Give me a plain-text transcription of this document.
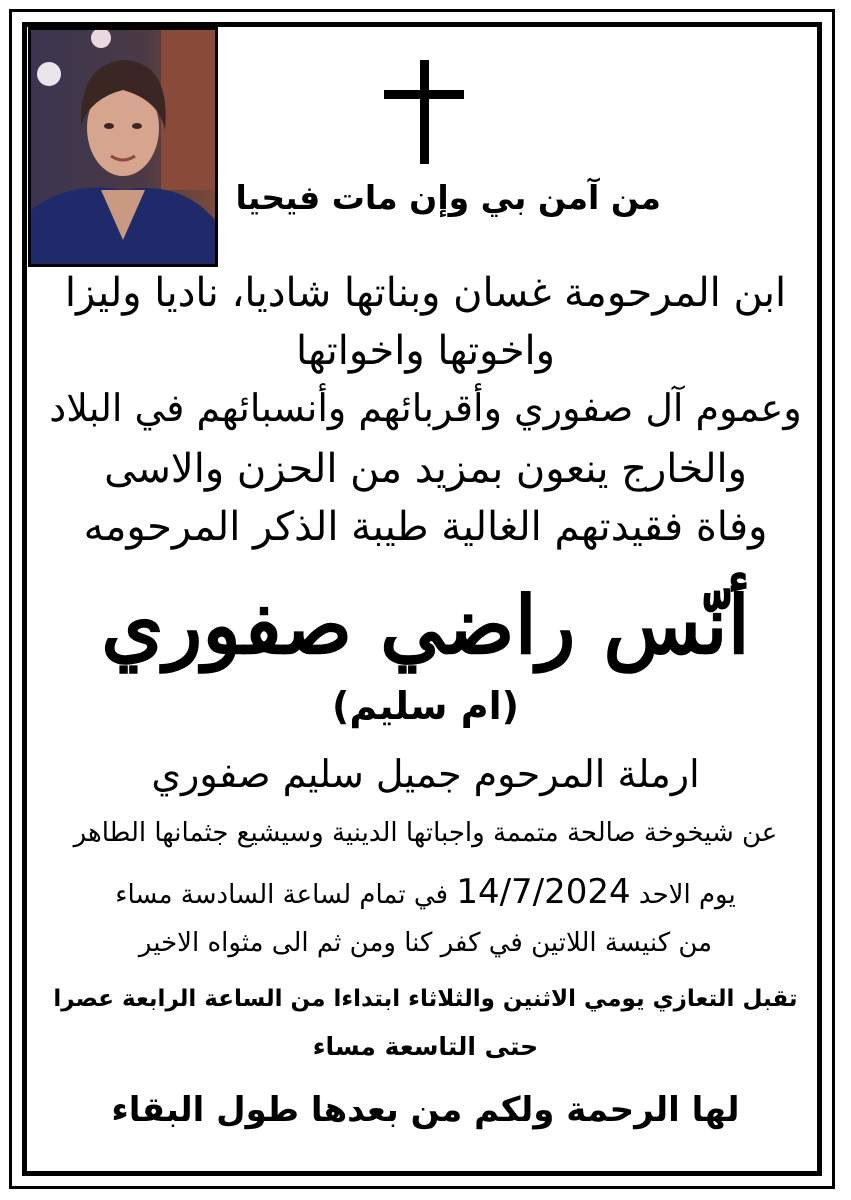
من آمن بي وإن مات فيحيا
ابن المرحومة غسان وبناتها شاديا، ناديا وليزا
واخوتها واخواتها
وعموم آل صفوري وأقربائهم وأنسبائهم في البلاد
والخارج ينعون بمزيد من الحزن والاسى
وفاة فقيدتهم الغالية طيبة الذكر المرحومه
أنّس راضي صفوري
(ام سليم)
ارملة المرحوم جميل سليم صفوري
عن شيخوخة صالحة متممة واجباتها الدينية وسيشيع جثمانها الطاهر
يوم الاحد 14/7/2024 في تمام لساعة السادسة مساء
من كنيسة اللاتين في كفر كنا ومن ثم الى مثواه الاخير
تقبل التعازي يومي الاثنين والثلاثاء ابتداءا من الساعة الرابعة عصرا
حتى التاسعة مساء
لها الرحمة ولكم من بعدها طول البقاء
